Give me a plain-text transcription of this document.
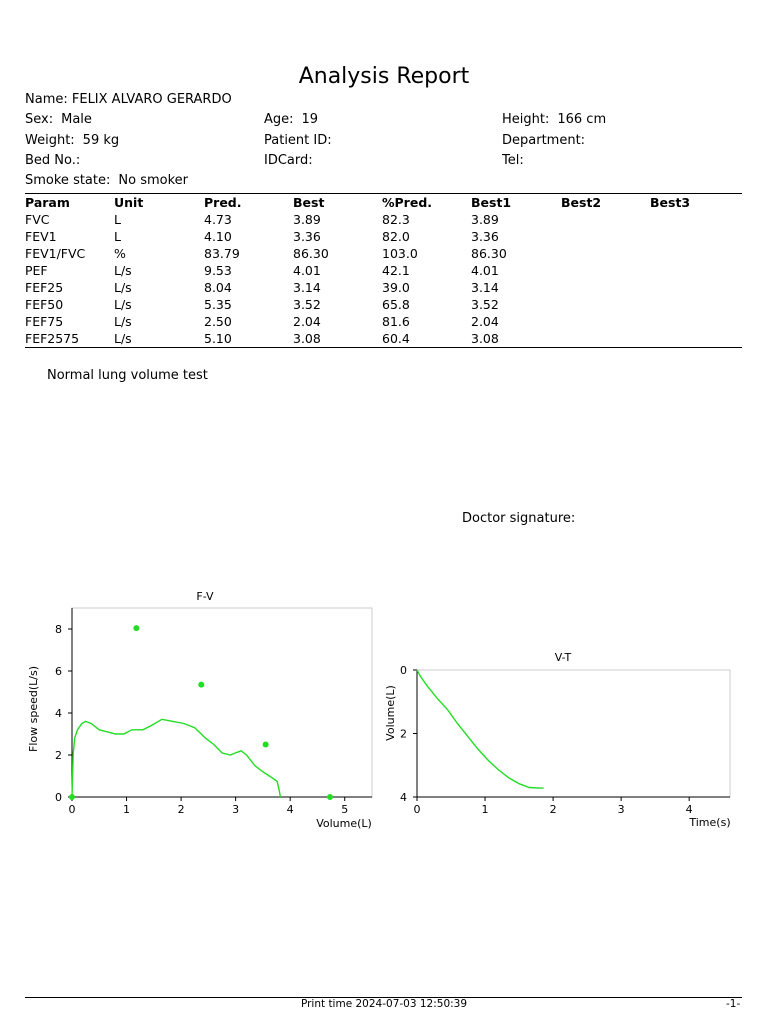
Analysis Report
Name: FELIX ALVARO GERARDO
Sex: Male	Age: 19	Height: 166 cm
Weight: 59 kg	Patient ID:	Department:
Bed No.:	IDCard:	Tel:
Smoke state: No smoker
Param	Unit	Pred.	Best	%Pred.	Best1	Best2	Best3
FVC	L	4.73	3.89	82.3	3.89		
FEV1	L	4.10	3.36	82.0	3.36		
FEV1/FVC	%	83.79	86.30	103.0	86.30		
PEF	L/s	9.53	4.01	42.1	4.01		
FEF25	L/s	8.04	3.14	39.0	3.14		
FEF50	L/s	5.35	3.52	65.8	3.52		
FEF75	L/s	2.50	2.04	81.6	2.04		
FEF2575	L/s	5.10	3.08	60.4	3.08		
Normal lung volume test
Doctor signature:
F-V
Flow speed(L/s)
Volume(L)
0	1	2	3	4	5
0
2
4
6
8
V-T
Volume(L)
Time(s)
0	1	2	3	4
0
2
4
Print time 2024-07-03 12:50:39	-1-
